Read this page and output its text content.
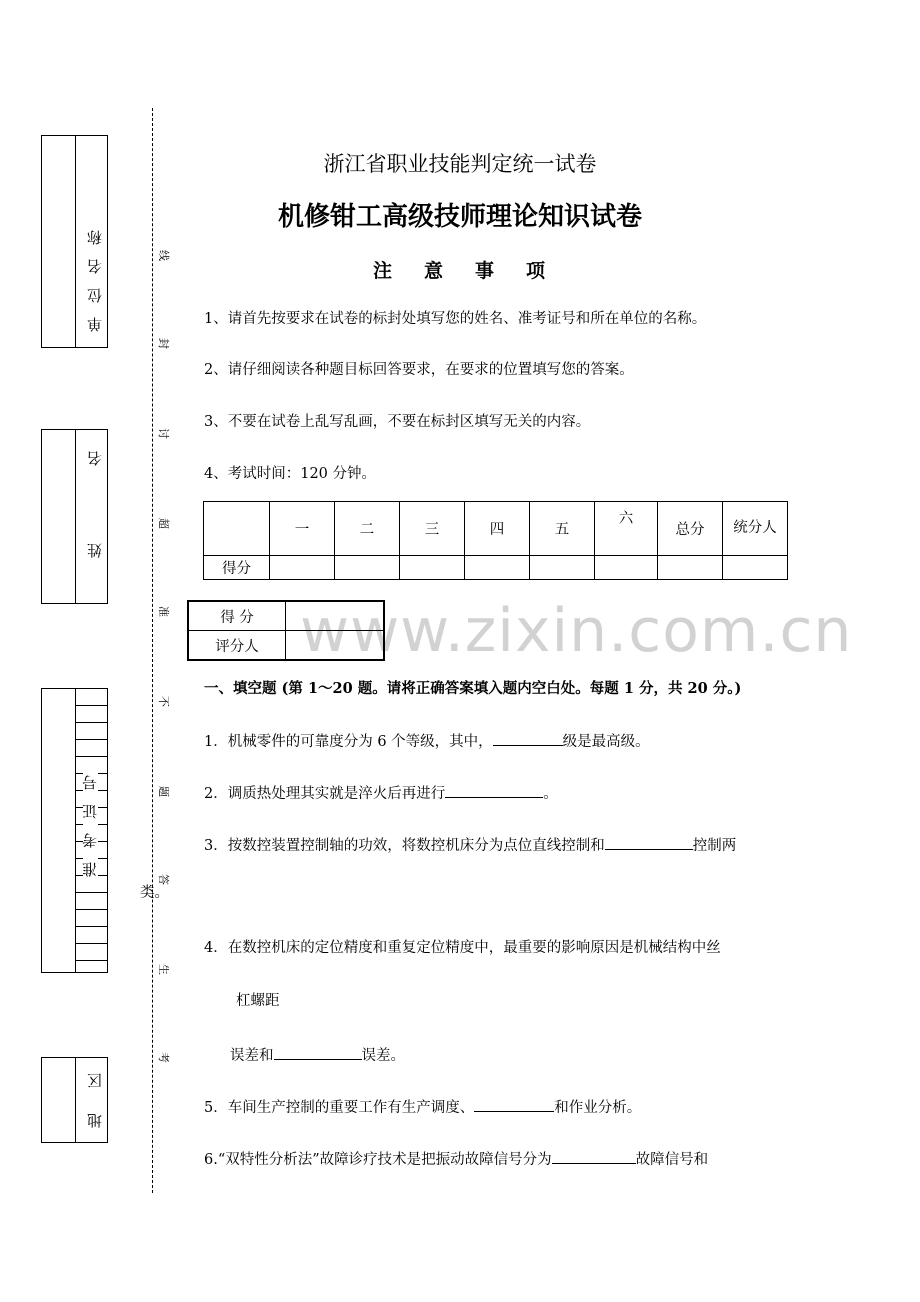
单位名称
姓 名
准考证号
地 区
线
封
讨
超
准
不
题
答
生
考
浙江省职业技能判定统一试卷
机修钳工高级技师理论知识试卷
注 意 事 项
1、请首先按要求在试卷的标封处填写您的姓名、准考证号和所在单位的名称。
2、请仔细阅读各种题目标回答要求，在要求的位置填写您的答案。
3、不要在试卷上乱写乱画，不要在标封区填写无关的内容。
4、考试时间：120 分钟。
	一	二	三	四	五	六	总分	统分人
得分								
www.zixin.com.cn
得 分	
评分人	
一、填空题 (第 1～20 题。请将正确答案填入题内空白处。每题 1 分，共 20 分。)
1．机械零件的可靠度分为 6 个等级，其中，	级是最高级。
2．调质热处理其实就是淬火后再进行	。
3．按数控装置控制轴的功效，将数控机床分为点位直线控制和	控制两
类。
4．在数控机床的定位精度和重复定位精度中，最重要的影响原因是机械结构中丝
杠螺距
误差和	误差。
5．车间生产控制的重要工作有生产调度、	和作业分析。
6.“双特性分析法”故障诊疗技术是把振动故障信号分为	故障信号和
